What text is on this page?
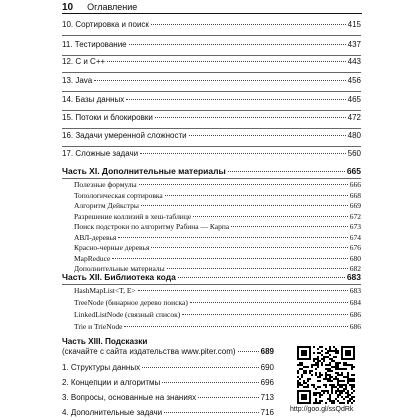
10 Оглавление
10. Сортировка и поиск	415
11. Тестирование	437
12. C и C++	443
13. Java	456
14. Базы данных	465
15. Потоки и блокировки	472
16. Задачи умеренной сложности	480
17. Сложные задачи	560
Часть XI. Дополнительные материалы	665
Полезные формулы	666
Топологическая сортировка	668
Алгоритм Дейкстры	669
Разрешение коллизий в хеш-таблице	672
Поиск подстроки по алгоритму Рабина — Карпа	673
АВЛ-деревья	674
Красно-черные деревья	676
MapReduce	680
Дополнительные материалы	682
Часть XII. Библиотека кода	683
HashMapList<T, E>	683
TreeNode (бинарное дерево поиска)	684
LinkedListNode (связный список)	686
Trie и TrieNode	686
Часть XIII. Подсказки
(скачайте с сайта издательства www.piter.com)	689
1. Структуры данных	690
2. Концепции и алгоритмы	696
3. Вопросы, основанные на знаниях	713
4. Дополнительные задачи	716 http://goo.gl/ssQdRk
